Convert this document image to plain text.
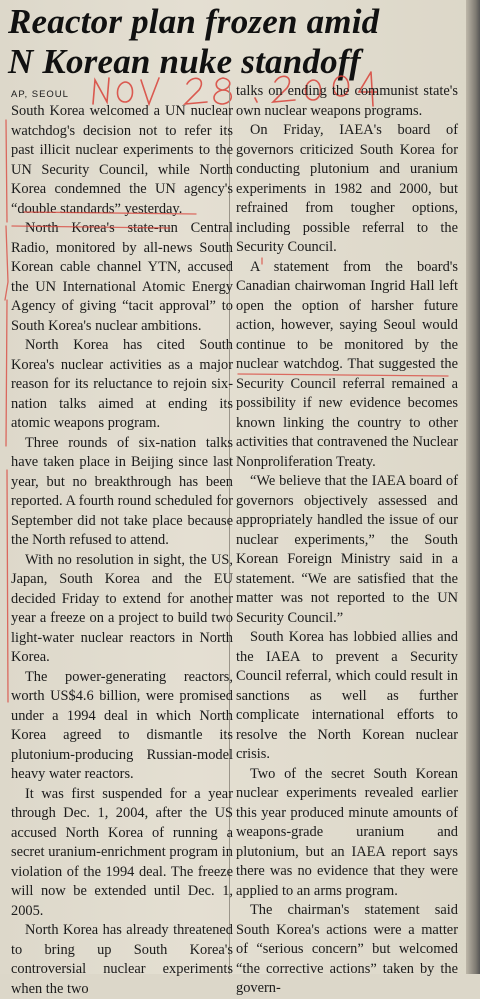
Reactor plan frozen amid
N Korean nuke standoff
AP, SEOUL

South Korea welcomed a UN nuclear watchdog's decision not to refer its past illicit nuclear experiments to the UN Security Council, while North Korea condemned the UN agency's “double standards” yesterday.

North Korea's state-run Central Radio, monitored by all-news South Korean cable channel YTN, accused the UN International Atomic Energy Agency of giving “tacit approval” to South Korea's nuclear ambitions.

North Korea has cited South Korea's nuclear activities as a major reason for its reluctance to rejoin six-nation talks aimed at ending its atomic weapons program.

Three rounds of six-nation talks have taken place in Beijing since last year, but no breakthrough has been reported. A fourth round scheduled for September did not take place because the North refused to attend.

With no resolution in sight, the US, Japan, South Korea and the EU decided Friday to extend for another year a freeze on a project to build two light-water nuclear reactors in North Korea.

The power-generating reactors, worth US$4.6 billion, were promised under a 1994 deal in which North Korea agreed to dismantle its plutonium-producing Russian-model heavy water reactors.

It was first suspended for a year through Dec. 1, 2004, after the US accused North Korea of running a secret uranium-enrichment program in violation of the 1994 deal. The freeze will now be extended until Dec. 1, 2005.

North Korea has already threatened to bring up South Korea's controversial nuclear experiments when the two

talks on ending the communist state's own nuclear weapons programs.

On Friday, IAEA's board of governors criticized South Korea for conducting plutonium and uranium experiments in 1982 and 2000, but refrained from tougher options, including possible referral to the Security Council.

A statement from the board's Canadian chairwoman Ingrid Hall left open the option of harsher future action, however, saying Seoul would continue to be monitored by the nuclear watchdog. That suggested the Security Council referral remained a possibility if new evidence becomes known linking the country to other activities that contravened the Nuclear Nonproliferation Treaty.

“We believe that the IAEA board of governors objectively assessed and appropriately handled the issue of our nuclear experiments,” the South Korean Foreign Ministry said in a statement. “We are satisfied that the matter was not reported to the UN Security Council.”

South Korea has lobbied allies and the IAEA to prevent a Security Council referral, which could result in sanctions as well as further complicate international efforts to resolve the North Korean nuclear crisis.

Two of the secret South Korean nuclear experiments revealed earlier this year produced minute amounts of weapons-grade uranium and plutonium, but an IAEA report says there was no evidence that they were applied to an arms program.

The chairman's statement said South Korea's actions were a matter of “serious concern” but welcomed “the corrective actions” taken by the govern-
